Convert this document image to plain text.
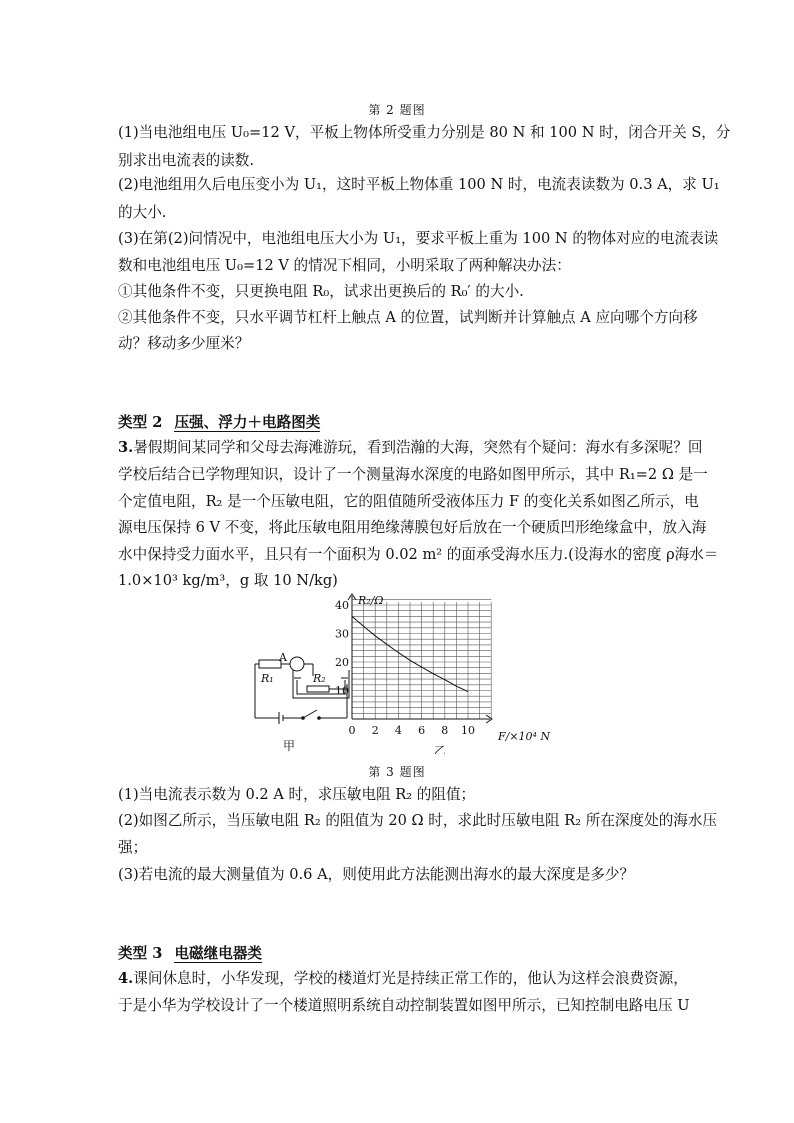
第 2 题图
(1)当电池组电压 U₀=12 V，平板上物体所受重力分别是 80 N 和 100 N 时，闭合开关 S，分
别求出电流表的读数.
(2)电池组用久后电压变小为 U₁，这时平板上物体重 100 N 时，电流表读数为 0.3 A，求 U₁
的大小.
(3)在第(2)问情况中，电池组电压大小为 U₁，要求平板上重为 100 N 的物体对应的电流表读
数和电池组电压 U₀=12 V 的情况下相同，小明采取了两种解决办法：
①其他条件不变，只更换电阻 R₀，试求出更换后的 R₀′ 的大小.
②其他条件不变，只水平调节杠杆上触点 A 的位置，试判断并计算触点 A 应向哪个方向移
动？移动多少厘米？
类型 2 压强、浮力＋电路图类
3.暑假期间某同学和父母去海滩游玩，看到浩瀚的大海，突然有个疑问：海水有多深呢？回
学校后结合已学物理知识，设计了一个测量海水深度的电路如图甲所示，其中 R₁=2 Ω 是一
个定值电阻，R₂ 是一个压敏电阻，它的阻值随所受液体压力 F 的变化关系如图乙所示，电
源电压保持 6 V 不变，将此压敏电阻用绝缘薄膜包好后放在一个硬质凹形绝缘盒中，放入海
水中保持受力面水平，且只有一个面积为 0.02 m² 的面承受海水压力.(设海水的密度 ρ海水＝
1.0×10³ kg/m³，g 取 10 N/kg)
A
R₁	R₂
甲
0 2 4 6 8 10
10
20
30
40 R₂/Ω
F/×10⁴ N
乙
第 3 题图
(1)当电流表示数为 0.2 A 时，求压敏电阻 R₂ 的阻值；
(2)如图乙所示，当压敏电阻 R₂ 的阻值为 20 Ω 时，求此时压敏电阻 R₂ 所在深度处的海水压
强；
(3)若电流的最大测量值为 0.6 A，则使用此方法能测出海水的最大深度是多少？
类型 3 电磁继电器类
4.课间休息时，小华发现，学校的楼道灯光是持续正常工作的，他认为这样会浪费资源，
于是小华为学校设计了一个楼道照明系统自动控制装置如图甲所示，已知控制电路电压 U
